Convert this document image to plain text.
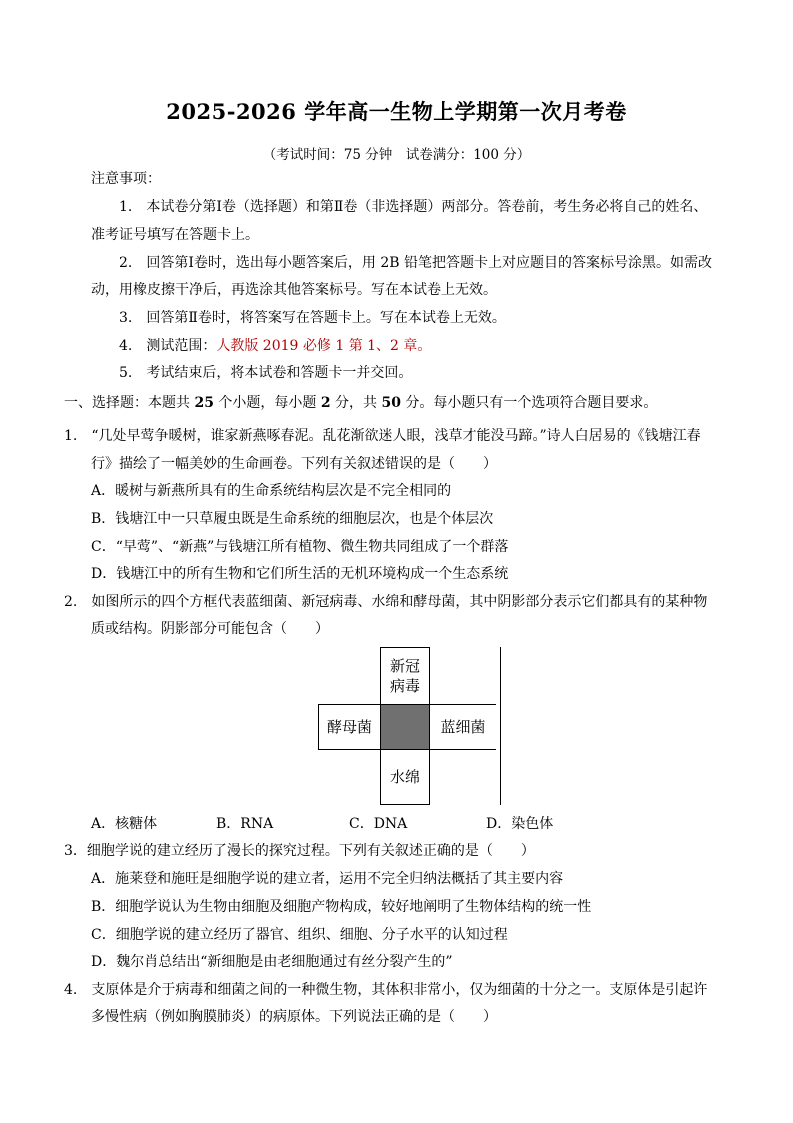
2025-2026 学年高一生物上学期第一次月考卷
（考试时间：75 分钟　试卷满分：100 分）
注意事项：
1.　本试卷分第Ⅰ卷（选择题）和第Ⅱ卷（非选择题）两部分。答卷前，考生务必将自己的姓名、
准考证号填写在答题卡上。
2.　回答第Ⅰ卷时，选出每小题答案后，用 2B 铅笔把答题卡上对应题目的答案标号涂黑。如需改
动，用橡皮擦干净后，再选涂其他答案标号。写在本试卷上无效。
3.　回答第Ⅱ卷时，将答案写在答题卡上。写在本试卷上无效。
4.　测试范围：人教版 2019 必修 1 第 1、2 章。
5.　考试结束后，将本试卷和答题卡一并交回。
一、选择题：本题共 25 个小题，每小题 2 分，共 50 分。每小题只有一个选项符合题目要求。
1.　“几处早莺争暖树，谁家新燕啄春泥。乱花渐欲迷人眼，浅草才能没马蹄。”诗人白居易的《钱塘江春
行》描绘了一幅美妙的生命画卷。下列有关叙述错误的是（　　）
A．暖树与新燕所具有的生命系统结构层次是不完全相同的
B．钱塘江中一只草履虫既是生命系统的细胞层次，也是个体层次
C．“早莺”、“新燕”与钱塘江所有植物、微生物共同组成了一个群落
D．钱塘江中的所有生物和它们所生活的无机环境构成一个生态系统
2.　如图所示的四个方框代表蓝细菌、新冠病毒、水绵和酵母菌，其中阴影部分表示它们都具有的某种物
质或结构。阴影部分可能包含（　　）
新冠
病毒
酵母菌	蓝细菌
水绵
A．核糖体	B．RNA	C．DNA	D．染色体
3．细胞学说的建立经历了漫长的探究过程。下列有关叙述正确的是（　　）
A．施莱登和施旺是细胞学说的建立者，运用不完全归纳法概括了其主要内容
B．细胞学说认为生物由细胞及细胞产物构成，较好地阐明了生物体结构的统一性
C．细胞学说的建立经历了器官、组织、细胞、分子水平的认知过程
D．魏尔肖总结出“新细胞是由老细胞通过有丝分裂产生的”
4.　支原体是介于病毒和细菌之间的一种微生物，其体积非常小，仅为细菌的十分之一。支原体是引起许
多慢性病（例如胸膜肺炎）的病原体。下列说法正确的是（　　）
